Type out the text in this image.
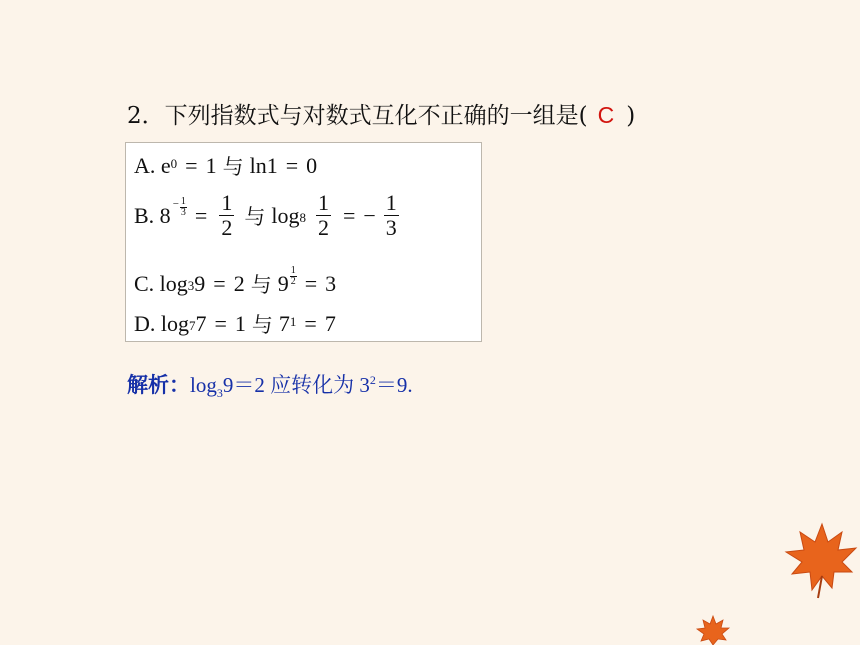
2．下列指数式与对数式互化不正确的一组是( C )
A. $e^0 = 1$ 与 ln1 = 0
B. $8 - \frac{1}{3} = \frac{1}{2}$ 与 $\log_8 \frac{1}{2}$ = − $\frac{1}{3}$
C. $\log_3 9 = 2$ 与 $9 \frac{1}{2} = 3$
D. $\log_7 7 = 1$ 与 $7^1 = 7$
解析：$\log_39=2$ 应转化为 $3^2=9$.
